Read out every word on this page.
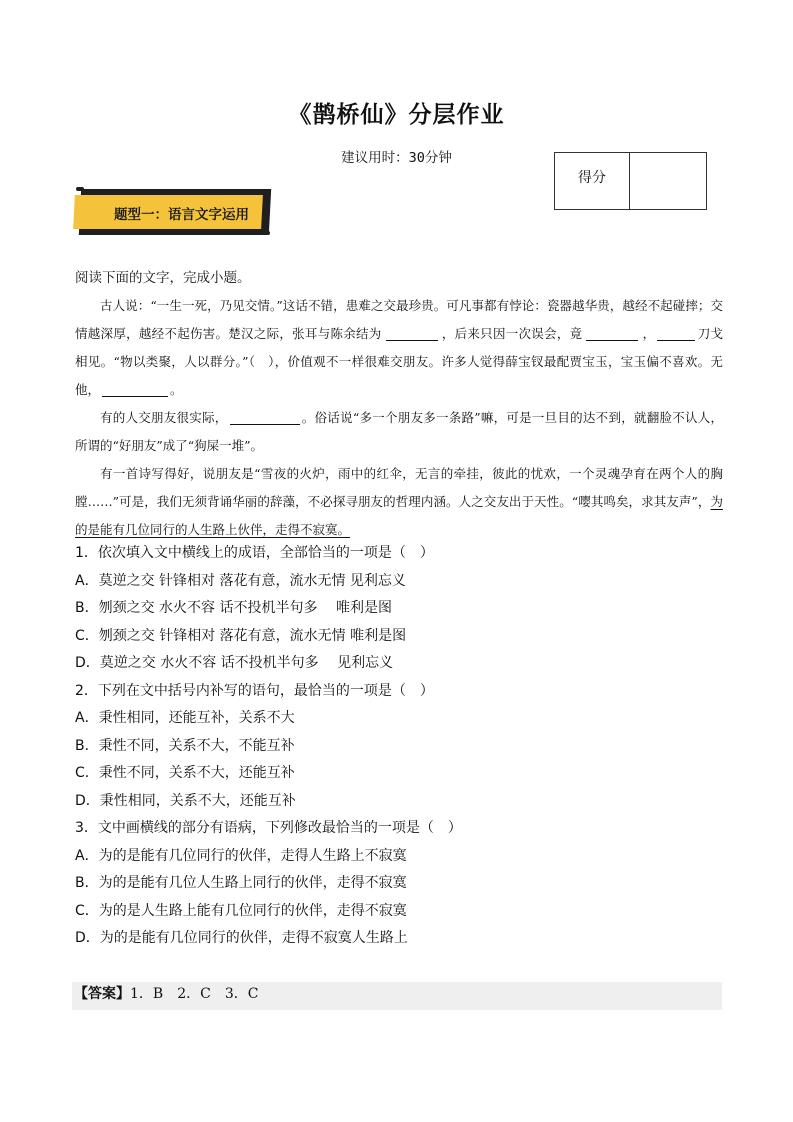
《鹊桥仙》分层作业
建议用时：30分钟
得分
题型一：语言文字运用
阅读下面的文字，完成小题。
古人说：“一生一死，乃见交情。”这话不错，患难之交最珍贵。可凡事都有悖论：瓷器越华贵，越经不起碰摔；交情越深厚，越经不起伤害。楚汉之际，张耳与陈余结为	，后来只因一次误会，竟	，	刀戈相见。“物以类聚，人以群分。”（　），价值观不一样很难交朋友。许多人觉得薛宝钗最配贾宝玉，宝玉偏不喜欢。无他，	。
有的人交朋友很实际，	。俗话说“多一个朋友多一条路”嘛，可是一旦目的达不到，就翻脸不认人，所谓的“好朋友”成了“狗屎一堆”。
有一首诗写得好，说朋友是“雪夜的火炉，雨中的红伞，无言的牵挂，彼此的忧欢，一个灵魂孕育在两个人的胸膛……”可是，我们无须背诵华丽的辞藻，不必探寻朋友的哲理内涵。人之交友出于天性。“嘤其鸣矣，求其友声”，为的是能有几位同行的人生路上伙伴，走得不寂寞。
1．依次填入文中横线上的成语，全部恰当的一项是（　）
A．莫逆之交 针锋相对 落花有意，流水无情 见利忘义
B．刎颈之交 水火不容 话不投机半句多　 唯利是图
C．刎颈之交 针锋相对 落花有意，流水无情 唯利是图
D．莫逆之交 水火不容 话不投机半句多　 见利忘义
2．下列在文中括号内补写的语句，最恰当的一项是（　）
A．秉性相同，还能互补，关系不大
B．秉性不同，关系不大，不能互补
C．秉性不同，关系不大，还能互补
D．秉性相同，关系不大，还能互补
3．文中画横线的部分有语病，下列修改最恰当的一项是（　）
A．为的是能有几位同行的伙伴，走得人生路上不寂寞
B．为的是能有几位人生路上同行的伙伴，走得不寂寞
C．为的是人生路上能有几位同行的伙伴，走得不寂寞
D．为的是能有几位同行的伙伴，走得不寂寞人生路上
【答案】1．B　2．C　3．C
